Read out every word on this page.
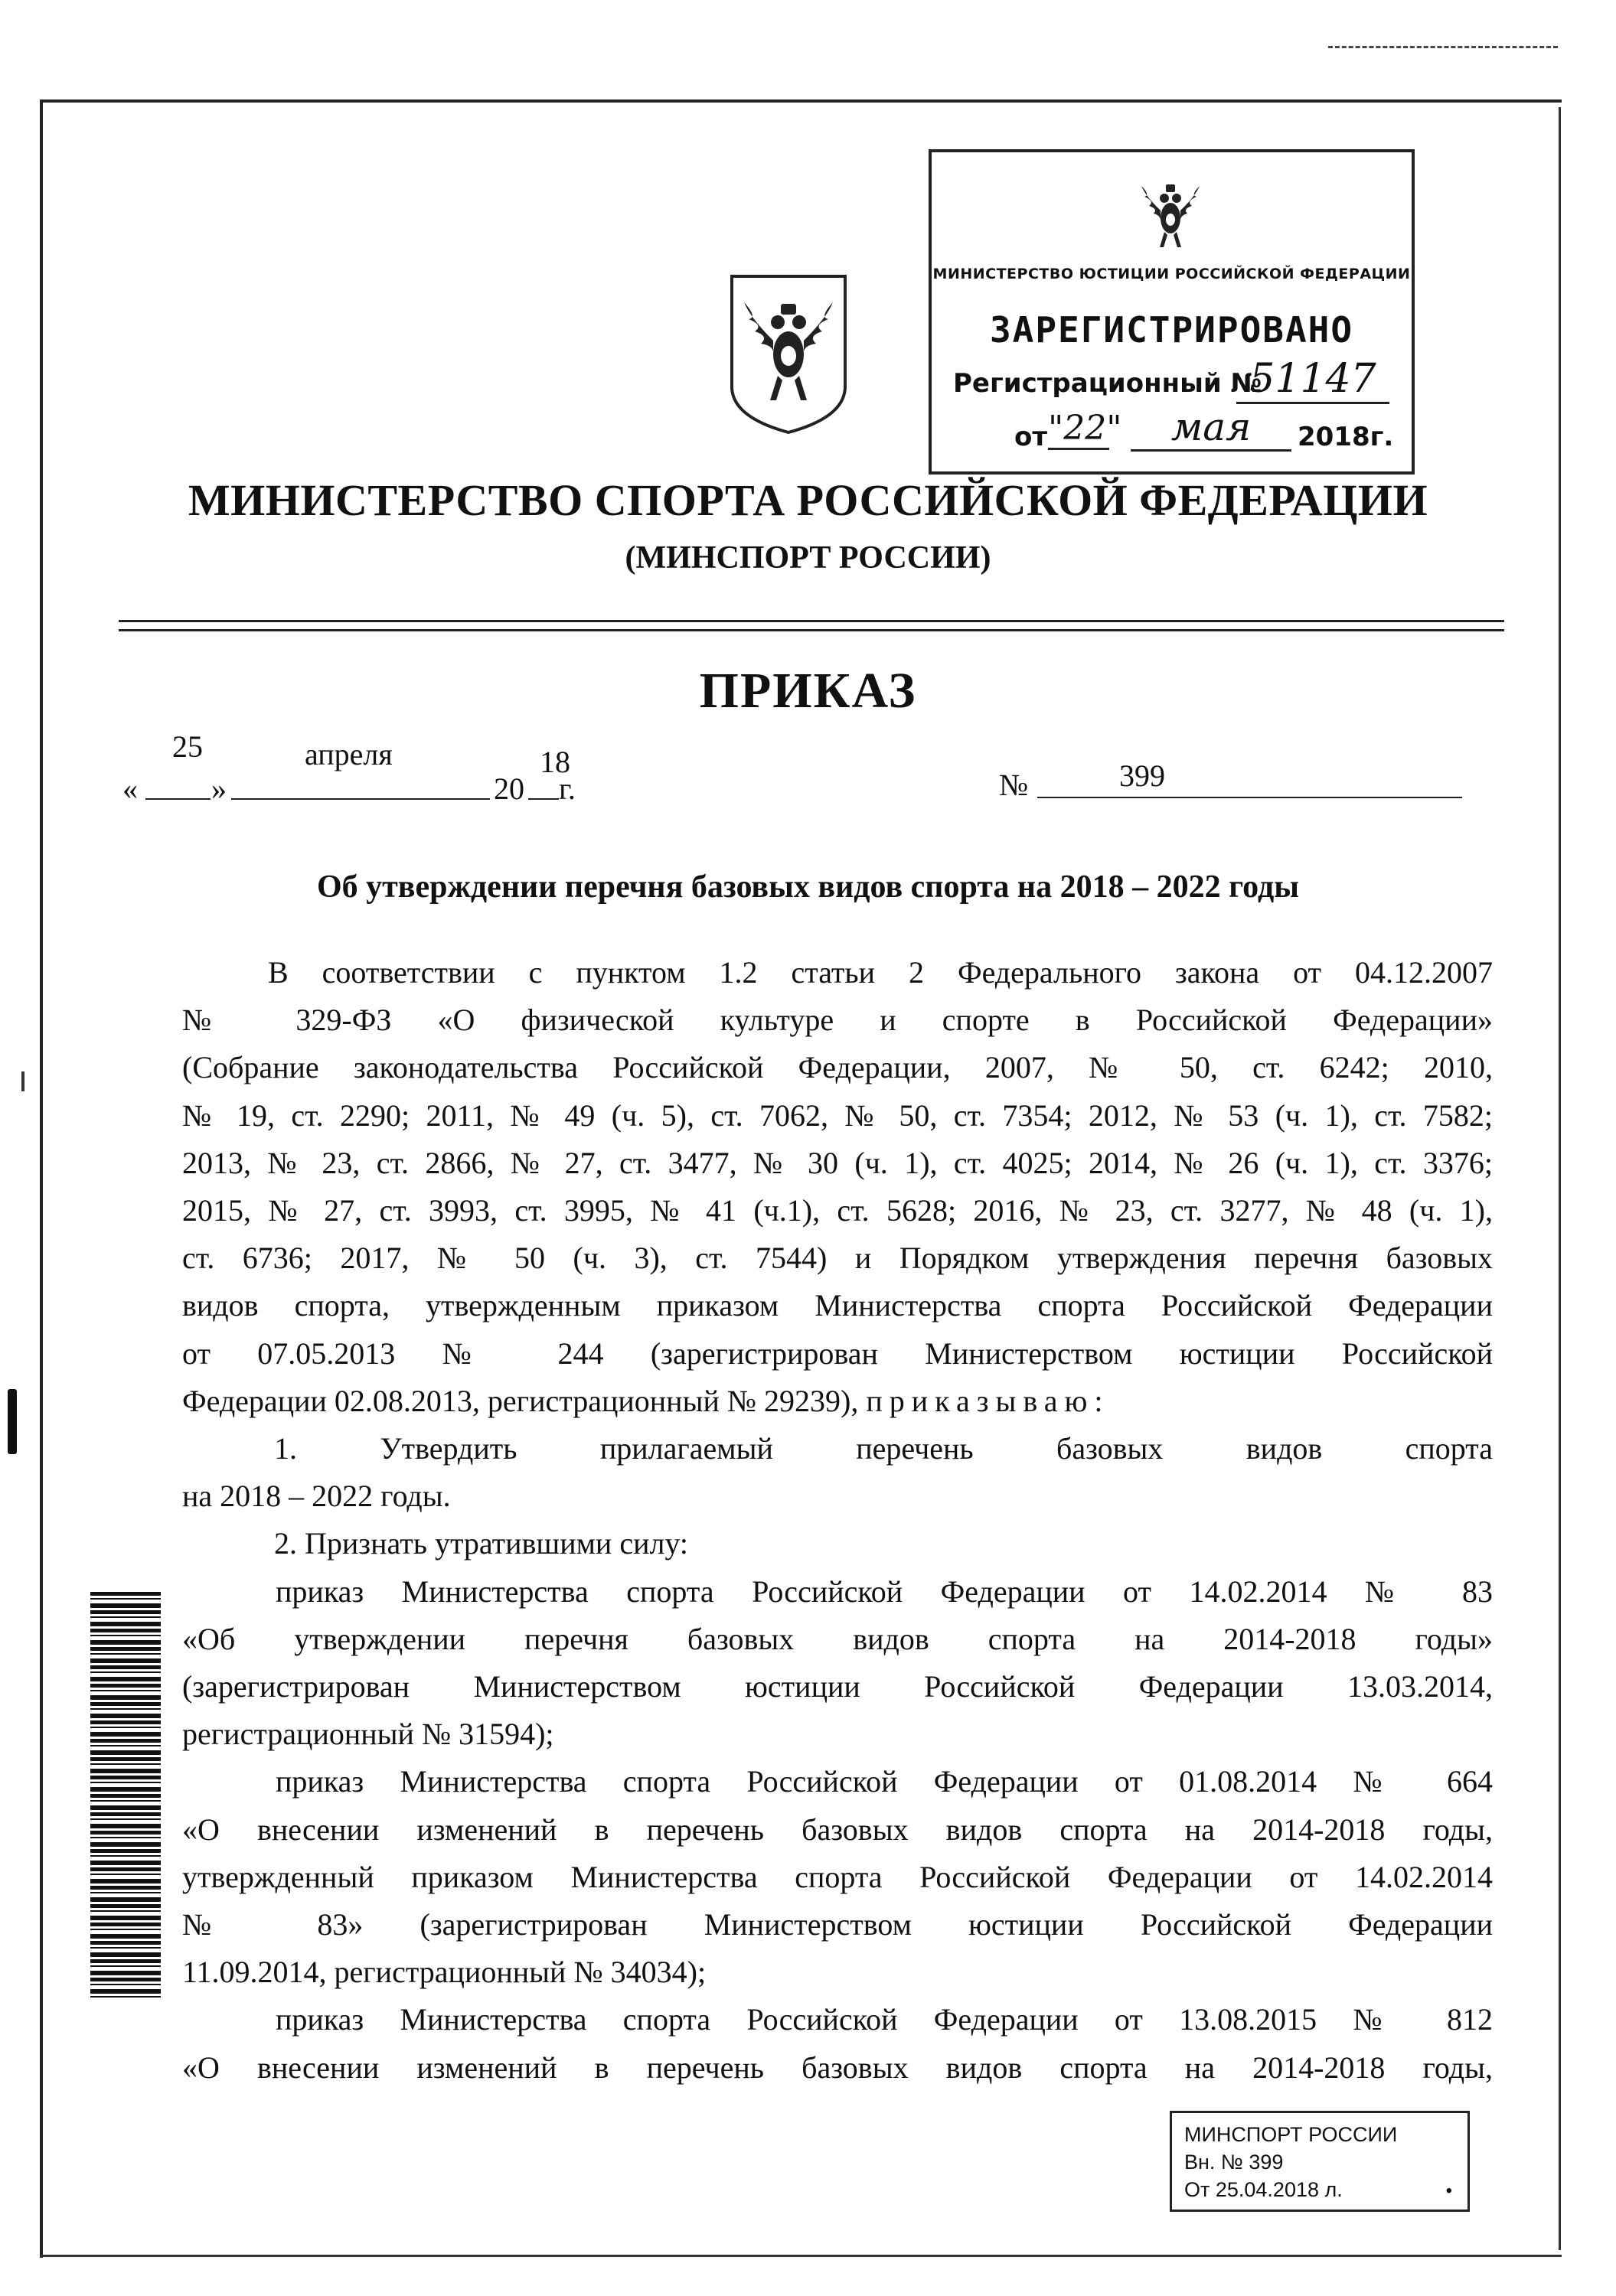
МИНИСТЕРСТВО ЮСТИЦИИ РОССИЙСКОЙ ФЕДЕРАЦИИ
ЗАРЕГИСТРИРОВАНО
Регистрационный №
51147
от "22"	мая	2018г.
МИНИСТЕРСТВО СПОРТА РОССИЙСКОЙ ФЕДЕРАЦИИ
(МИНСПОРТ РОССИИ)
ПРИКАЗ
25	апреля	18
« »	20 г.	№	399
Об утверждении перечня базовых видов спорта на 2018 – 2022 годы

В соответствии с пунктом 1.2 статьи 2 Федерального закона от 04.12.2007

№ 329-ФЗ «О физической культуре и спорте в Российской Федерации»

(Собрание законодательства Российской Федерации, 2007, № 50, ст. 6242; 2010,

№ 19, ст. 2290; 2011, № 49 (ч. 5), ст. 7062, № 50, ст. 7354; 2012, № 53 (ч. 1), ст. 7582;

2013, № 23, ст. 2866, № 27, ст. 3477, № 30 (ч. 1), ст. 4025; 2014, № 26 (ч. 1), ст. 3376;

2015, № 27, ст. 3993, ст. 3995, № 41 (ч.1), ст. 5628; 2016, № 23, ст. 3277, № 48 (ч. 1),

ст. 6736; 2017, № 50 (ч. 3), ст. 7544) и Порядком утверждения перечня базовых

видов спорта, утвержденным приказом Министерства спорта Российской Федерации

от 07.05.2013 № 244 (зарегистрирован Министерством юстиции Российской

Федерации 02.08.2013, регистрационный № 29239), приказываю:

1. Утвердить прилагаемый перечень базовых видов спорта

на 2018 – 2022 годы.

2. Признать утратившими силу:

приказ Министерства спорта Российской Федерации от 14.02.2014 № 83

«Об утверждении перечня базовых видов спорта на 2014-2018 годы»

(зарегистрирован Министерством юстиции Российской Федерации 13.03.2014,

регистрационный № 31594);

приказ Министерства спорта Российской Федерации от 01.08.2014 № 664

«О внесении изменений в перечень базовых видов спорта на 2014-2018 годы,

утвержденный приказом Министерства спорта Российской Федерации от 14.02.2014

№ 83» (зарегистрирован Министерством юстиции Российской Федерации

11.09.2014, регистрационный № 34034);

приказ Министерства спорта Российской Федерации от 13.08.2015 № 812

«О внесении изменений в перечень базовых видов спорта на 2014-2018 годы,

МИНСПОРТ РОССИИ
Вн. № 399
От 25.04.2018 л.	•
